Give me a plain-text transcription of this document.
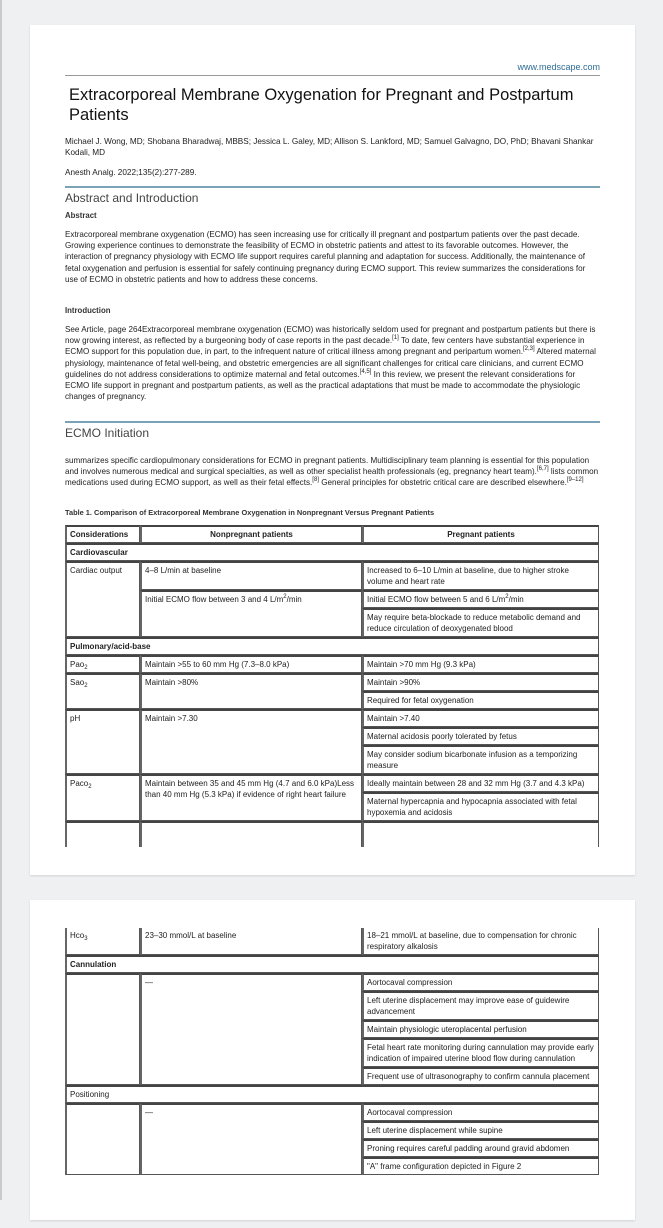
www.medscape.com
Extracorporeal Membrane Oxygenation for Pregnant and Postpartum Patients
Michael J. Wong, MD; Shobana Bharadwaj, MBBS; Jessica L. Galey, MD; Allison S. Lankford, MD; Samuel Galvagno, DO, PhD; Bhavani Shankar Kodali, MD
Anesth Analg. 2022;135(2):277-289.
Abstract and Introduction
Abstract

Extracorporeal membrane oxygenation (ECMO) has seen increasing use for critically ill pregnant and postpartum patients over the past decade. Growing experience continues to demonstrate the feasibility of ECMO in obstetric patients and attest to its favorable outcomes. However, the interaction of pregnancy physiology with ECMO life support requires careful planning and adaptation for success. Additionally, the maintenance of fetal oxygenation and perfusion is essential for safely continuing pregnancy during ECMO support. This review summarizes the considerations for use of ECMO in obstetric patients and how to address these concerns.

Introduction

See Article, page 264Extracorporeal membrane oxygenation (ECMO) was historically seldom used for pregnant and postpartum patients but there is now growing interest, as reflected by a burgeoning body of case reports in the past decade.[1] To date, few centers have substantial experience in ECMO support for this population due, in part, to the infrequent nature of critical illness among pregnant and peripartum women.[2,3] Altered maternal physiology, maintenance of fetal well-being, and obstetric emergencies are all significant challenges for critical care clinicians, and current ECMO guidelines do not address considerations to optimize maternal and fetal outcomes.[4,5] In this review, we present the relevant considerations for ECMO life support in pregnant and postpartum patients, as well as the practical adaptations that must be made to accommodate the physiologic changes of pregnancy.

ECMO Initiation

summarizes specific cardiopulmonary considerations for ECMO in pregnant patients. Multidisciplinary team planning is essential for this population and involves numerous medical and surgical specialties, as well as other specialist health professionals (eg, pregnancy heart team).[6,7] lists common medications used during ECMO support, as well as their fetal effects.[8] General principles for obstetric critical care are described elsewhere.[9–12]

Table 1. Comparison of Extracorporeal Membrane Oxygenation in Nonpregnant Versus Pregnant Patients
Considerations	Nonpregnant patients	Pregnant patients
Cardiovascular		
Cardiac output	4–8 L/min at baseline	Increased to 6–10 L/min at baseline, due to higher stroke volume and heart rate
	Initial ECMO flow between 3 and 4 $L/m^2/\min$	Initial ECMO flow between 5 and 6 $L/m^2/\min$
		May require beta-blockade to reduce metabolic demand and reduce circulation of deoxygenated blood
Pulmonary/acid-base		
Pao$_2$	Maintain >55 to 60 mm Hg (7.3–8.0 kPa)	Maintain >70 mm Hg (9.3 kPa)
Sao$_2$	Maintain >80%	Maintain >90%
		Required for fetal oxygenation
pH	Maintain >7.30	Maintain >7.40
		Maternal acidosis poorly tolerated by fetus
		May consider sodium bicarbonate infusion as a temporizing measure
Paco$_2$	Maintain between 35 and 45 mm Hg (4.7 and 6.0 kPa)Less than 40 mm Hg (5.3 kPa) if evidence of right heart failure	Ideally maintain between 28 and 32 mm Hg (3.7 and 4.3 kPa)
		Maternal hypercapnia and hypocapnia associated with fetal hypoxemia and acidosis

Hco$_3$	23–30 mmol/L at baseline	18–21 mmol/L at baseline, due to compensation for chronic respiratory alkalosis
Cannulation		
	—	Aortocaval compression
		Left uterine displacement may improve ease of guidewire advancement
		Maintain physiologic uteroplacental perfusion
		Fetal heart rate monitoring during cannulation may provide early indication of impaired uterine blood flow during cannulation
		Frequent use of ultrasonography to confirm cannula placement
Positioning		
	—	Aortocaval compression
		Left uterine displacement while supine
		Proning requires careful padding around gravid abdomen
		"A" frame configuration depicted in Figure 2
